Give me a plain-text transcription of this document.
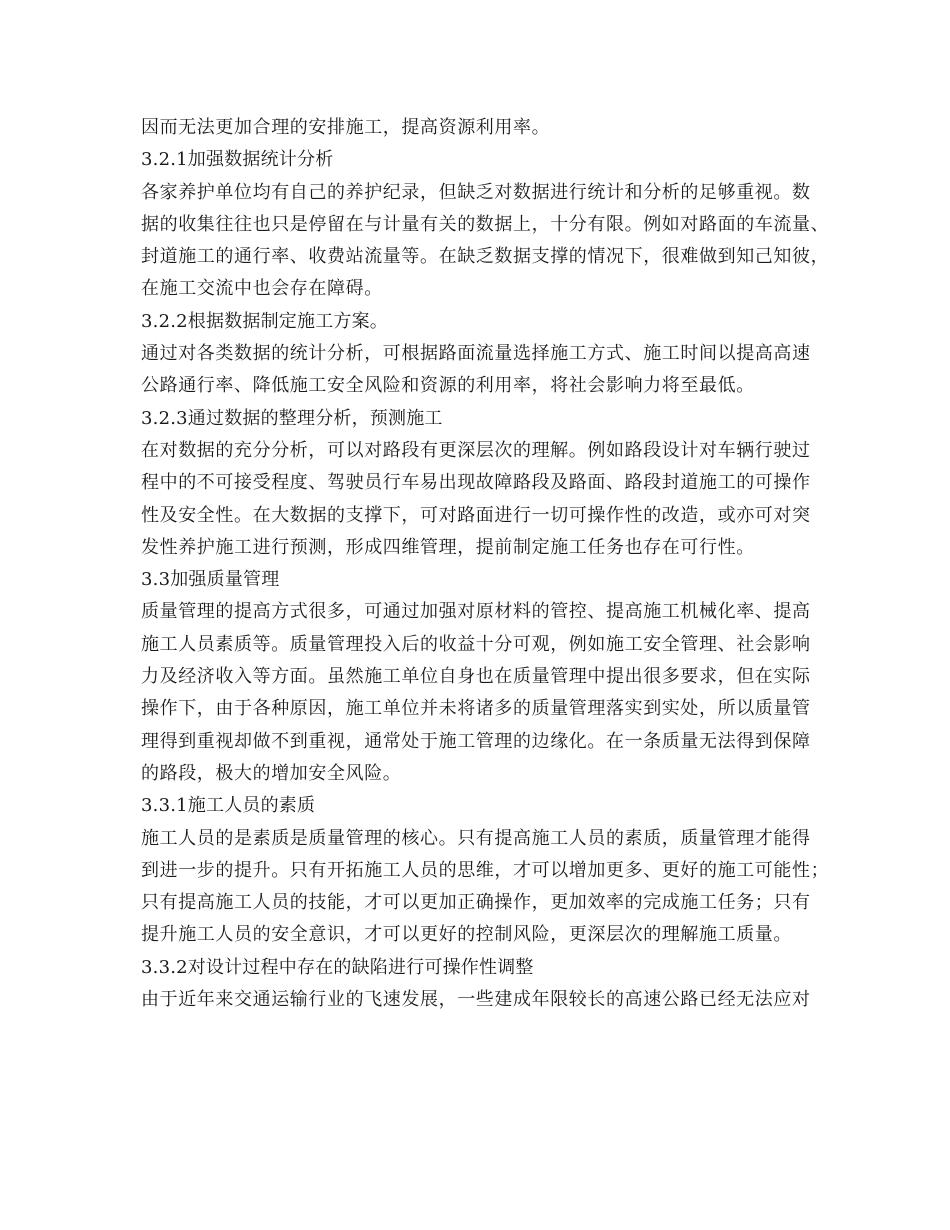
因而无法更加合理的安排施工，提高资源利用率。
3.2.1加强数据统计分析
各家养护单位均有自己的养护纪录，但缺乏对数据进行统计和分析的足够重视。数
据的收集往往也只是停留在与计量有关的数据上，十分有限。例如对路面的车流量、
封道施工的通行率、收费站流量等。在缺乏数据支撑的情况下，很难做到知己知彼，
在施工交流中也会存在障碍。
3.2.2根据数据制定施工方案。
通过对各类数据的统计分析，可根据路面流量选择施工方式、施工时间以提高高速
公路通行率、降低施工安全风险和资源的利用率，将社会影响力将至最低。
3.2.3通过数据的整理分析，预测施工
在对数据的充分分析，可以对路段有更深层次的理解。例如路段设计对车辆行驶过
程中的不可接受程度、驾驶员行车易出现故障路段及路面、路段封道施工的可操作
性及安全性。在大数据的支撑下，可对路面进行一切可操作性的改造，或亦可对突
发性养护施工进行预测，形成四维管理，提前制定施工任务也存在可行性。
3.3加强质量管理
质量管理的提高方式很多，可通过加强对原材料的管控、提高施工机械化率、提高
施工人员素质等。质量管理投入后的收益十分可观，例如施工安全管理、社会影响
力及经济收入等方面。虽然施工单位自身也在质量管理中提出很多要求，但在实际
操作下，由于各种原因，施工单位并未将诸多的质量管理落实到实处，所以质量管
理得到重视却做不到重视，通常处于施工管理的边缘化。在一条质量无法得到保障
的路段，极大的增加安全风险。
3.3.1施工人员的素质
施工人员的是素质是质量管理的核心。只有提高施工人员的素质，质量管理才能得
到进一步的提升。只有开拓施工人员的思维，才可以增加更多、更好的施工可能性；
只有提高施工人员的技能，才可以更加正确操作，更加效率的完成施工任务；只有
提升施工人员的安全意识，才可以更好的控制风险，更深层次的理解施工质量。
3.3.2对设计过程中存在的缺陷进行可操作性调整
由于近年来交通运输行业的飞速发展，一些建成年限较长的高速公路已经无法应对
